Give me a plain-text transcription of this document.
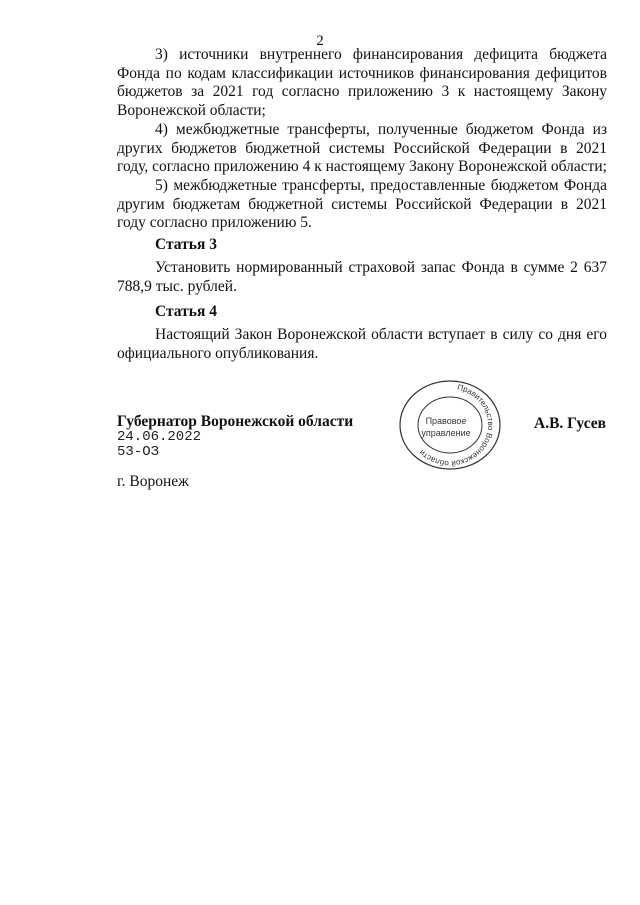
2

3) источники внутреннего финансирования дефицита бюджета Фонда по кодам классификации источников финансирования дефицитов бюджетов за 2021 год согласно приложению 3 к настоящему Закону Воронежской области;

4) межбюджетные трансферты, полученные бюджетом Фонда из других бюджетов бюджетной системы Российской Федерации в 2021 году, согласно приложению 4 к настоящему Закону Воронежской области;

5) межбюджетные трансферты, предоставленные бюджетом Фонда другим бюджетам бюджетной системы Российской Федерации в 2021 году согласно приложению 5.

Статья 3

Установить нормированный страховой запас Фонда в сумме 2 637 788,9 тыс. рублей.

Статья 4

Настоящий Закон Воронежской области вступает в силу со дня его официального опубликования.

Губернатор Воронежской области
24.06.2022
53-ОЗ
А.В. Гусев
Правительство Воронежской области
Правовое
управление
г. Воронеж
